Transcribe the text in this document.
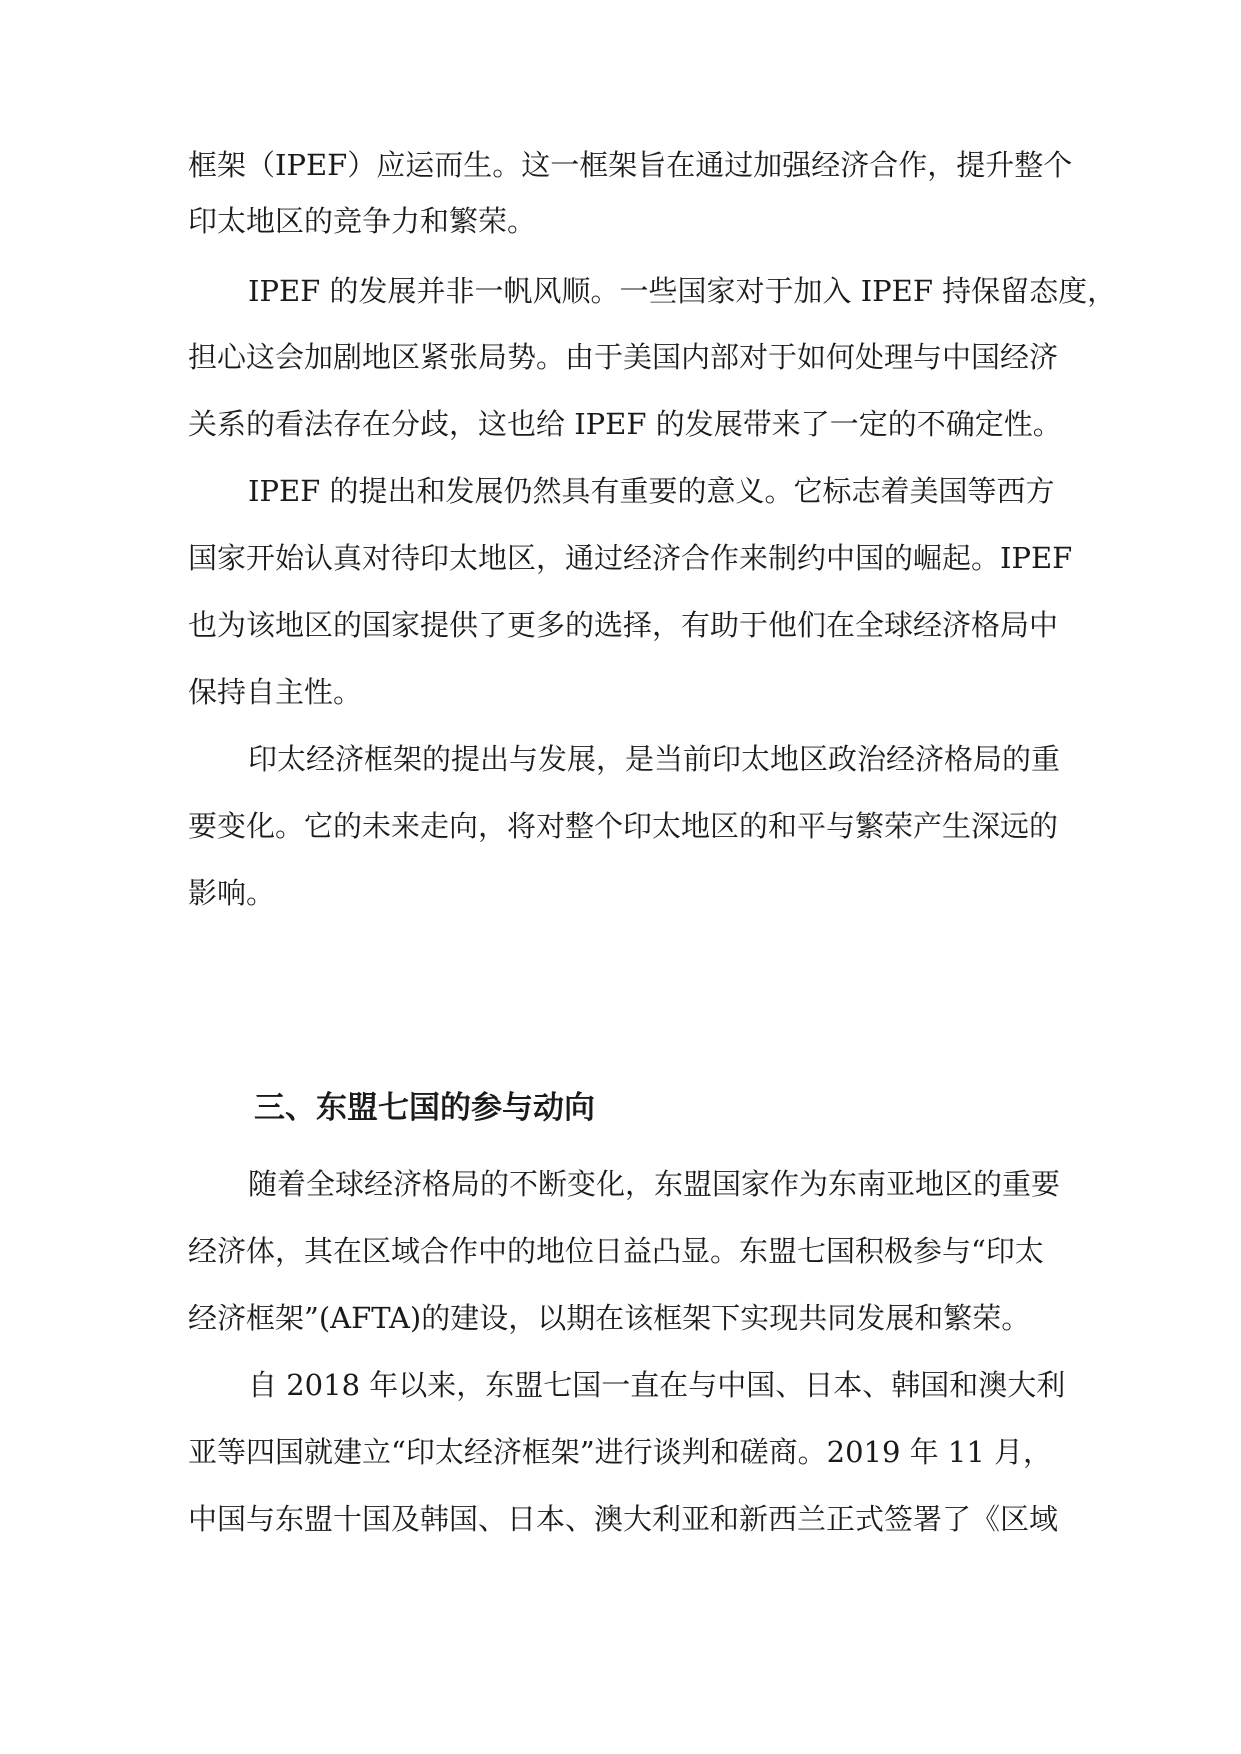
框架（IPEF）应运而生。这一框架旨在通过加强经济合作，提升整个

印太地区的竞争力和繁荣。

IPEF 的发展并非一帆风顺。一些国家对于加入 IPEF 持保留态度，

担心这会加剧地区紧张局势。由于美国内部对于如何处理与中国经济

关系的看法存在分歧，这也给 IPEF 的发展带来了一定的不确定性。

IPEF 的提出和发展仍然具有重要的意义。它标志着美国等西方

国家开始认真对待印太地区，通过经济合作来制约中国的崛起。IPEF

也为该地区的国家提供了更多的选择，有助于他们在全球经济格局中

保持自主性。

印太经济框架的提出与发展，是当前印太地区政治经济格局的重

要变化。它的未来走向，将对整个印太地区的和平与繁荣产生深远的

影响。

三、东盟七国的参与动向

随着全球经济格局的不断变化，东盟国家作为东南亚地区的重要

经济体，其在区域合作中的地位日益凸显。东盟七国积极参与“印太

经济框架”(AFTA)的建设，以期在该框架下实现共同发展和繁荣。

自 2018 年以来，东盟七国一直在与中国、日本、韩国和澳大利

亚等四国就建立“印太经济框架”进行谈判和磋商。2019 年 11 月，

中国与东盟十国及韩国、日本、澳大利亚和新西兰正式签署了《区域
